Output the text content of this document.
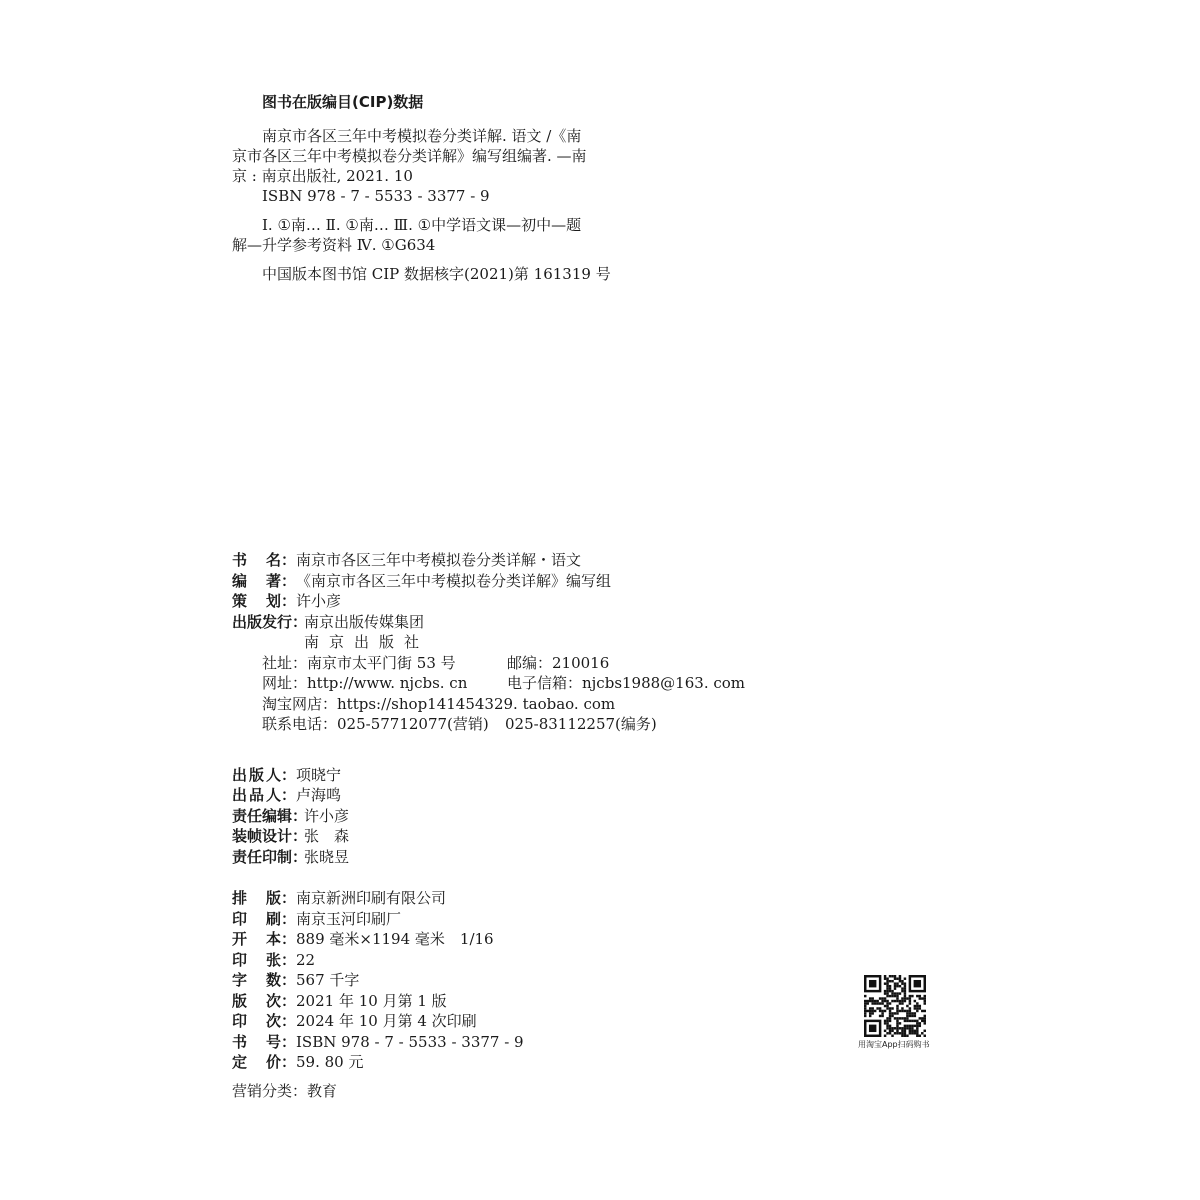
图书在版编目(CIP)数据
南京市各区三年中考模拟卷分类详解. 语文 /《南
京市各区三年中考模拟卷分类详解》编写组编著. —南
京 : 南京出版社, 2021. 10
ISBN 978 - 7 - 5533 - 3377 - 9
Ⅰ. ①南… Ⅱ. ①南… Ⅲ. ①中学语文课—初中—题
解—升学参考资料 Ⅳ. ①G634
中国版本图书馆 CIP 数据核字(2021)第 161319 号
书 名： 南京市各区三年中考模拟卷分类详解・语文
编 著： 《南京市各区三年中考模拟卷分类详解》编写组
策 划： 许小彦
出版发行：
南京出版传媒集团
南京出版社
社址：南京市太平门街 53 号	邮编：210016
网址：http://www. njcbs. cn	电子信箱：njcbs1988@163. com
淘宝网店：https://shop141454329. taobao. com
联系电话：025-57712077(营销) 025-83112257(编务)
出 版 人： 项晓宁
出 品 人： 卢海鸣
责任编辑：
许小彦
装帧设计：
张　森
责任印制：
张晓昱
排 版： 南京新洲印刷有限公司
印 刷： 南京玉河印刷厂
开 本： 889 毫米×1194 毫米　1/16
印 张： 22
字 数： 567 千字
版 次： 2021 年 10 月第 1 版
印 次： 2024 年 10 月第 4 次印刷
书 号： ISBN 978 - 7 - 5533 - 3377 - 9
定 价： 59. 80 元
营销分类：教育
用淘宝App扫码购书
